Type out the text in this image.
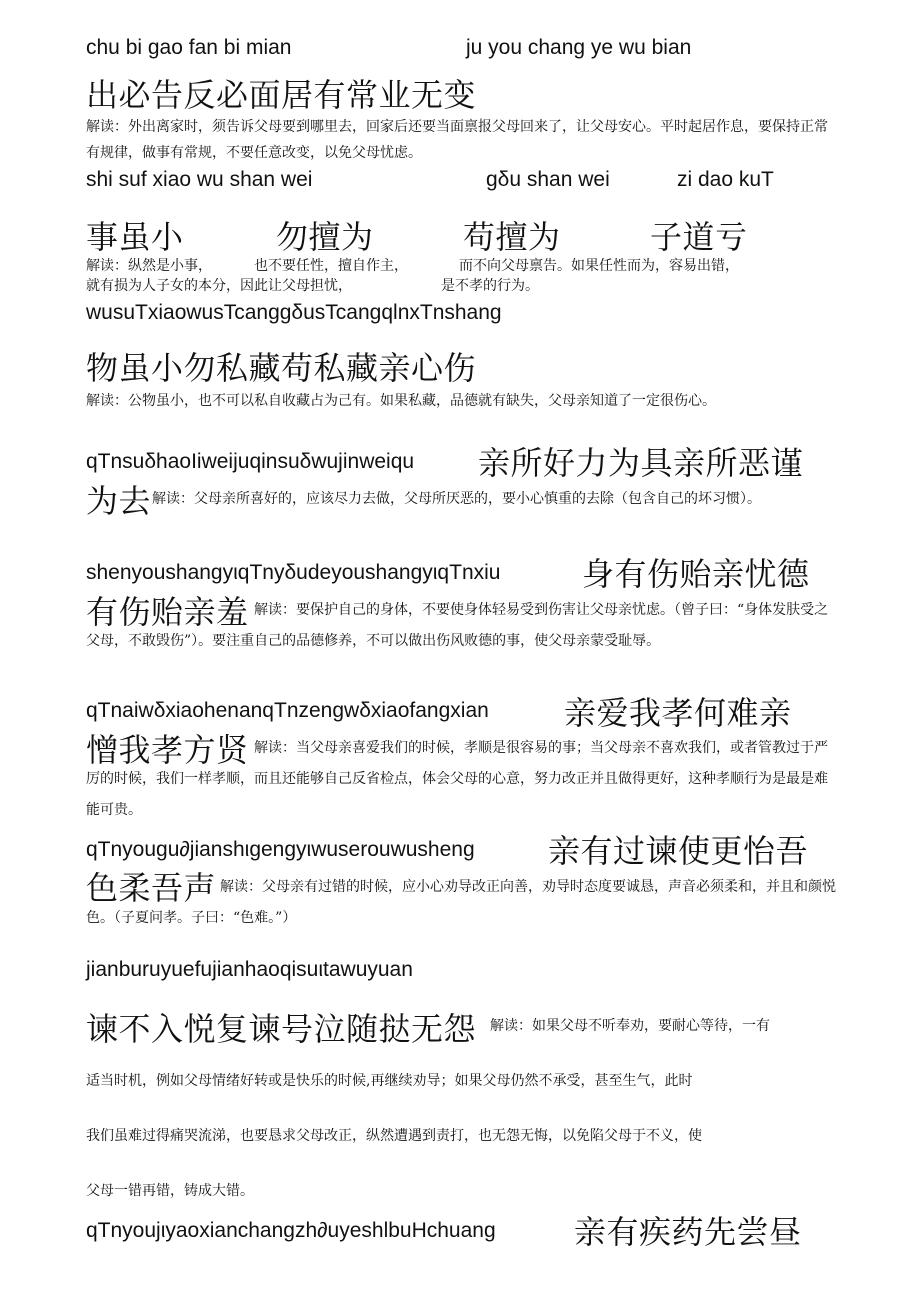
chu bi gao fan bi mian	ju you chang ye wu bian
出必告反必面居有常业无变
解读：外出离家时，须告诉父母要到哪里去，回家后还要当面禀报父母回来了，让父母安心。平时起居作息，要保持正常有规律，做事有常规，不要任意改变，以免父母忧虑。
shi suf xiao wu shan wei	gδu shan wei	zi dao kuT
事虽小	勿擅为	苟擅为	子道亏
解读：纵然是小事，	也不要任性，擅自作主，	而不向父母禀告。如果任性而为，容易出错，
就有损为人子女的本分，因此让父母担忧，	是不孝的行为。
wusuTxiaowusTcanggδusTcangqlnxTnshang
物虽小勿私藏苟私藏亲心伤
解读：公物虽小，也不可以私自收藏占为己有。如果私藏，品德就有缺失，父母亲知道了一定很伤心。
qTnsuδhaoIiweijuqinsuδwujinweiqu 亲所好力为具亲所恶谨
为去 解读：父母亲所喜好的，应该尽力去做，父母所厌恶的，要小心慎重的去除（包含自己的坏习惯）。
shenyoushangyιqTnyδudeyoushangyιqTnxiu	身有伤贻亲忧德
有伤贻亲羞 解读：要保护自己的身体，不要使身体轻易受到伤害让父母亲忧虑。（曾子曰：“身体发肤受之父母，不敢毁伤”）。要注重自己的品德修养，不可以做出伤风败德的事，使父母亲蒙受耻辱。
qTnaiwδxiaohenanqTnzengwδxiaofangxian 亲爱我孝何难亲
憎我孝方贤 解读：当父母亲喜爱我们的时候，孝顺是很容易的事；当父母亲不喜欢我们，或者管教过于严厉的时候，我们一样孝顺，而且还能够自己反省检点，体会父母的心意，努力改正并且做得更好，这种孝顺行为是最是难能可贵。
qTnyougu∂jianshιgengyιwuserouwusheng 亲有过谏使更怡吾
色柔吾声 解读：父母亲有过错的时候，应小心劝导改正向善，劝导时态度要诚恳，声音必须柔和，并且和颜悦色。（子夏问孝。子曰：“色难。”）
jianburuyuefujianhaoqisuιtawuyuan
谏不入悦复谏号泣随挞无怨 解读：如果父母不听奉劝，要耐心等待，一有
适当时机，例如父母情绪好转或是快乐的时候,再继续劝导；如果父母仍然不承受，甚至生气，此时
我们虽难过得痛哭流涕，也要恳求父母改正，纵然遭遇到责打，也无怨无悔，以免陷父母于不义，使
父母一错再错，铸成大错。
qTnyoujιyaoxianchangzh∂uyeshlbuHchuang 亲有疾药先尝昼
